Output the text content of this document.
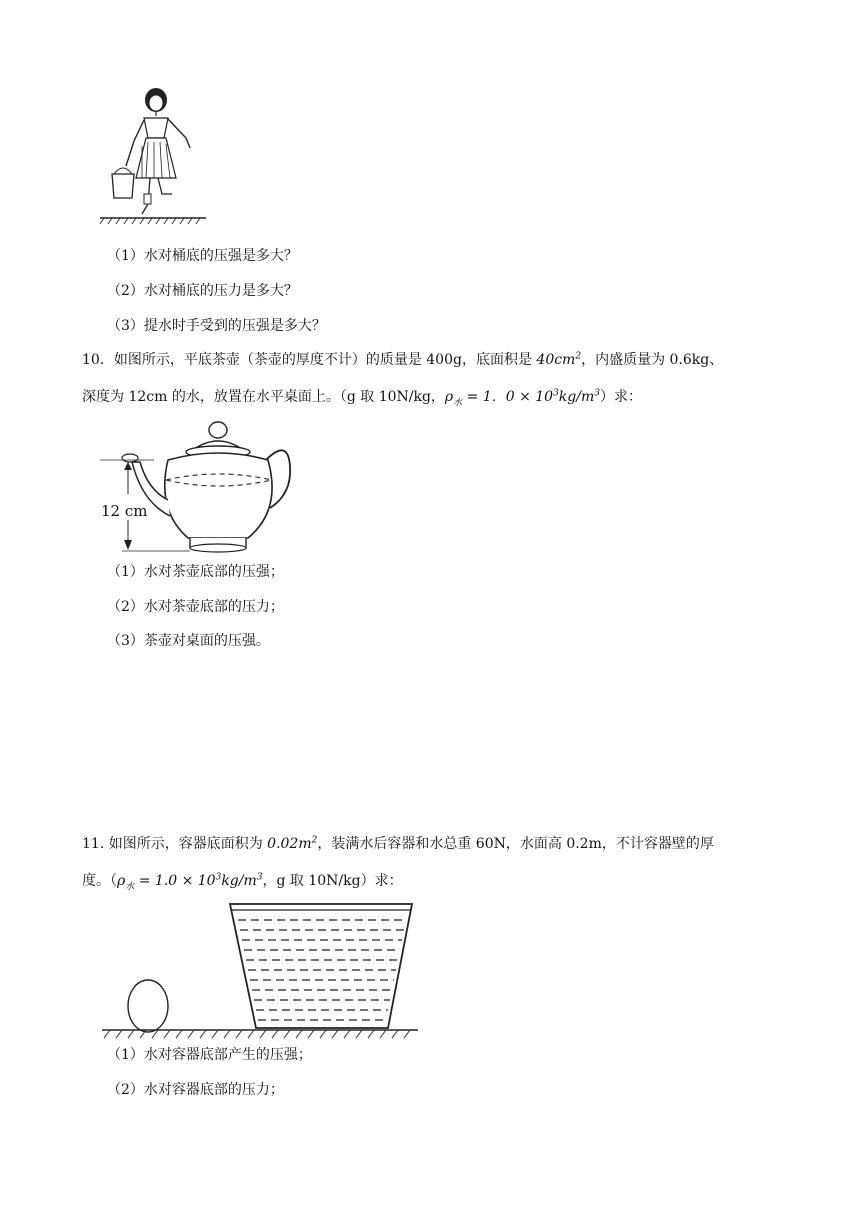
（1）水对桶底的压强是多大？
（2）水对桶底的压力是多大？
（3）提水时手受到的压强是多大？
10．如图所示，平底茶壶（茶壶的厚度不计）的质量是 400g，底面积是 $40cm^2$，内盛质量为 0.6kg、
深度为 12cm 的水，放置在水平桌面上。（g 取 10N/kg，$\rho_水 = 1$．$0 \times 10^3kg/m^3$）求：
12 cm
（1）水对茶壶底部的压强；
（2）水对茶壶底部的压力；
（3）茶壶对桌面的压强。
11. 如图所示，容器底面积为 $0.02m^2$，装满水后容器和水总重 60N，水面高 0.2m，不计容器壁的厚
度。（$\rho_水 = 1.0 \times 10^3kg/m^3$，g 取 10N/kg）求：
（1）水对容器底部产生的压强；
（2）水对容器底部的压力；
